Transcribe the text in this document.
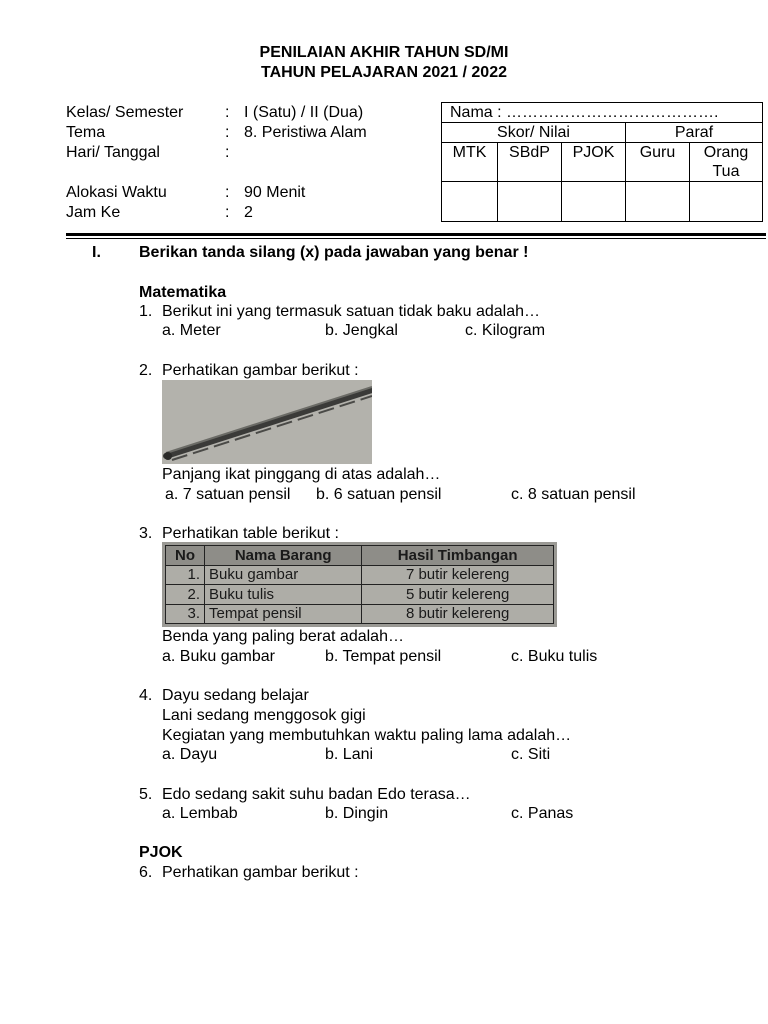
PENILAIAN AKHIR TAHUN SD/MI
TAHUN PELAJARAN 2021 / 2022
Kelas/ Semester	: I (Satu) / II (Dua)
Tema	: 8. Peristiwa Alam
Hari/ Tanggal	:
Alokasi Waktu	: 90 Menit
Jam Ke	: 2
Nama : ………………………………….				
Skor/ Nilai			Paraf	
MTK	SBdP	PJOK	Guru	Orang Tua

I. Berikan tanda silang (x) pada jawaban yang benar !
Matematika
1. Berikut ini yang termasuk satuan tidak baku adalah…
a. Meter	b. Jengkal	c. Kilogram
2. Perhatikan gambar berikut :
Panjang ikat pinggang di atas adalah…
a. 7 satuan pensil b. 6 satuan pensil	c. 8 satuan pensil
3. Perhatikan table berikut :
No	Nama Barang	Hasil Timbangan
1.	Buku gambar	7 butir kelereng
2.	Buku tulis	5 butir kelereng
3.	Tempat pensil	8 butir kelereng
Benda yang paling berat adalah…
a. Buku gambar	b. Tempat pensil	c. Buku tulis
4. Dayu sedang belajar
Lani sedang menggosok gigi
Kegiatan yang membutuhkan waktu paling lama adalah…
a. Dayu	b. Lani	c. Siti
5. Edo sedang sakit suhu badan Edo terasa…
a. Lembab	b. Dingin	c. Panas
PJOK
6. Perhatikan gambar berikut :
